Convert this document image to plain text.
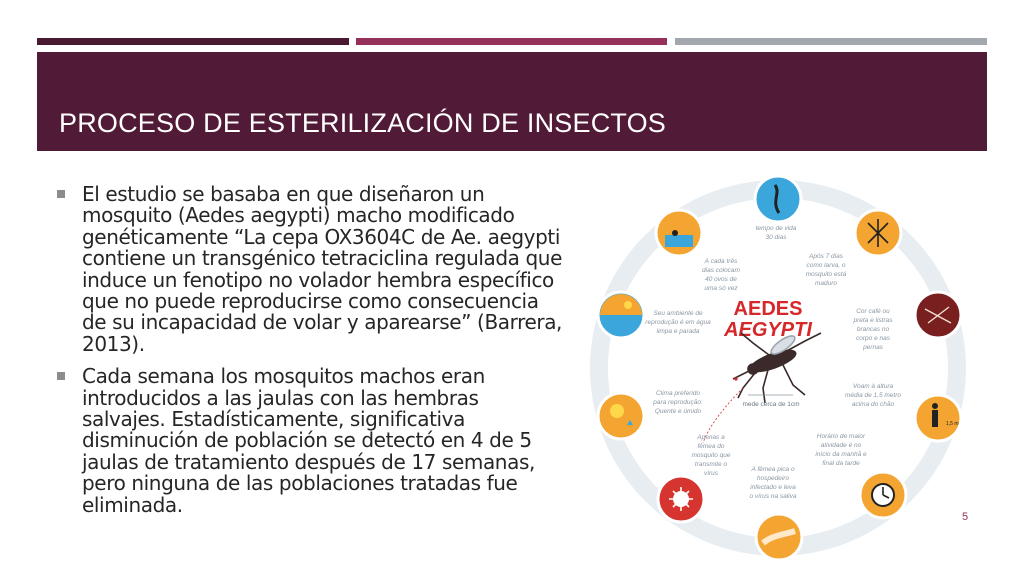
PROCESO DE ESTERILIZACIÓN DE INSECTOS
El estudio se basaba en que diseñaron un mosquito (Aedes aegypti) macho modificado genéticamente “La cepa OX3604C de Ae. aegypti contiene un transgénico tetraciclina regulada que induce un fenotipo no volador hembra específico que no puede reproducirse como consecuencia de su incapacidad de volar y aparearse” (Barrera, 2013).
Cada semana los mosquitos machos eran introducidos a las jaulas con las hembras salvajes. Estadísticamente, significativa disminución de población se detectó en 4 de 5 jaulas de tratamiento después de 17 semanas, pero ninguna de las poblaciones tratadas fue eliminada.
AEDES
AEGYPTI
mede cerca de 1cm
tempo de vida
30 dias
Após 7 dias
como larva, o
mosquito está
maduro
Cor café ou
preta e listras
brancas no
corpo e nas
pernas
Voam à altura
média de 1,5 metro
acima do chão
Horário de maior
atividade é no
início da manhã e
final da tarde
A fêmea pica o
hospedeiro
infectado e leva
o vírus na saliva
Apenas a
fêmea do
mosquito que
transmite o
vírus
Clima preferido
para reprodução:
Quente e úmido
Seu ambiente de
reprodução é em água
limpa e parada
A cada três
dias colocam
40 ovos de
uma só vez
1,5 m
5
